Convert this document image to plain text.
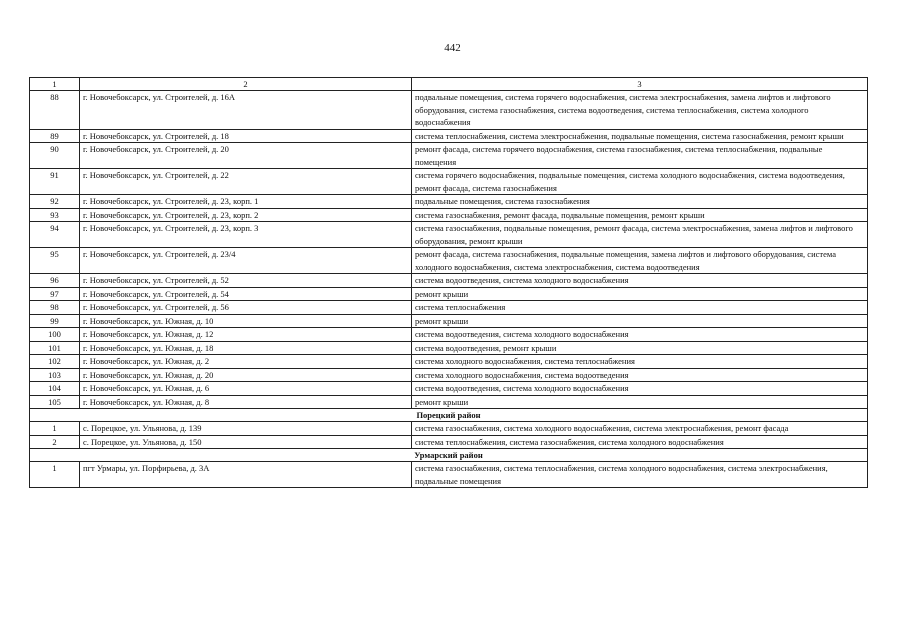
442
1	2	3
88	г. Новочебоксарск, ул. Строителей, д. 16А	подвальные помещения, система горячего водоснабжения, система электроснабжения, замена лифтов и лифтового оборудования, система газоснабжения, система водоотведения, система теплоснабжения, система холодного водоснабжения
89	г. Новочебоксарск, ул. Строителей, д. 18	система теплоснабжения, система электроснабжения, подвальные помещения, система газоснабжения, ремонт крыши
90	г. Новочебоксарск, ул. Строителей, д. 20	ремонт фасада, система горячего водоснабжения, система газоснабжения, система теплоснабжения, подвальные помещения
91	г. Новочебоксарск, ул. Строителей, д. 22	система горячего водоснабжения, подвальные помещения, система холодного водоснабжения, система водоотведения, ремонт фасада, система газоснабжения
92	г. Новочебоксарск, ул. Строителей, д. 23, корп. 1	подвальные помещения, система газоснабжения
93	г. Новочебоксарск, ул. Строителей, д. 23, корп. 2	система газоснабжения, ремонт фасада, подвальные помещения, ремонт крыши
94	г. Новочебоксарск, ул. Строителей, д. 23, корп. 3	система газоснабжения, подвальные помещения, ремонт фасада, система электроснабжения, замена лифтов и лифтового оборудования, ремонт крыши
95	г. Новочебоксарск, ул. Строителей, д. 23/4	ремонт фасада, система газоснабжения, подвальные помещения, замена лифтов и лифтового оборудования, система холодного водоснабжения, система электроснабжения, система водоотведения
96	г. Новочебоксарск, ул. Строителей, д. 52	система водоотведения, система холодного водоснабжения
97	г. Новочебоксарск, ул. Строителей, д. 54	ремонт крыши
98	г. Новочебоксарск, ул. Строителей, д. 56	система теплоснабжения
99	г. Новочебоксарск, ул. Южная, д. 10	ремонт крыши
100	г. Новочебоксарск, ул. Южная, д. 12	система водоотведения, система холодного водоснабжения
101	г. Новочебоксарск, ул. Южная, д. 18	система водоотведения, ремонт крыши
102	г. Новочебоксарск, ул. Южная, д. 2	система холодного водоснабжения, система теплоснабжения
103	г. Новочебоксарск, ул. Южная, д. 20	система холодного водоснабжения, система водоотведения
104	г. Новочебоксарск, ул. Южная, д. 6	система водоотведения, система холодного водоснабжения
105	г. Новочебоксарск, ул. Южная, д. 8	ремонт крыши
Порецкий район		
1	с. Порецкое, ул. Ульянова, д. 139	система газоснабжения, система холодного водоснабжения, система электроснабжения, ремонт фасада
2	с. Порецкое, ул. Ульянова, д. 150	система теплоснабжения, система газоснабжения, система холодного водоснабжения
Урмарский район		
1	пгт Урмары, ул. Порфирьева, д. 3А	система газоснабжения, система теплоснабжения, система холодного водоснабжения, система электроснабжения, подвальные помещения
